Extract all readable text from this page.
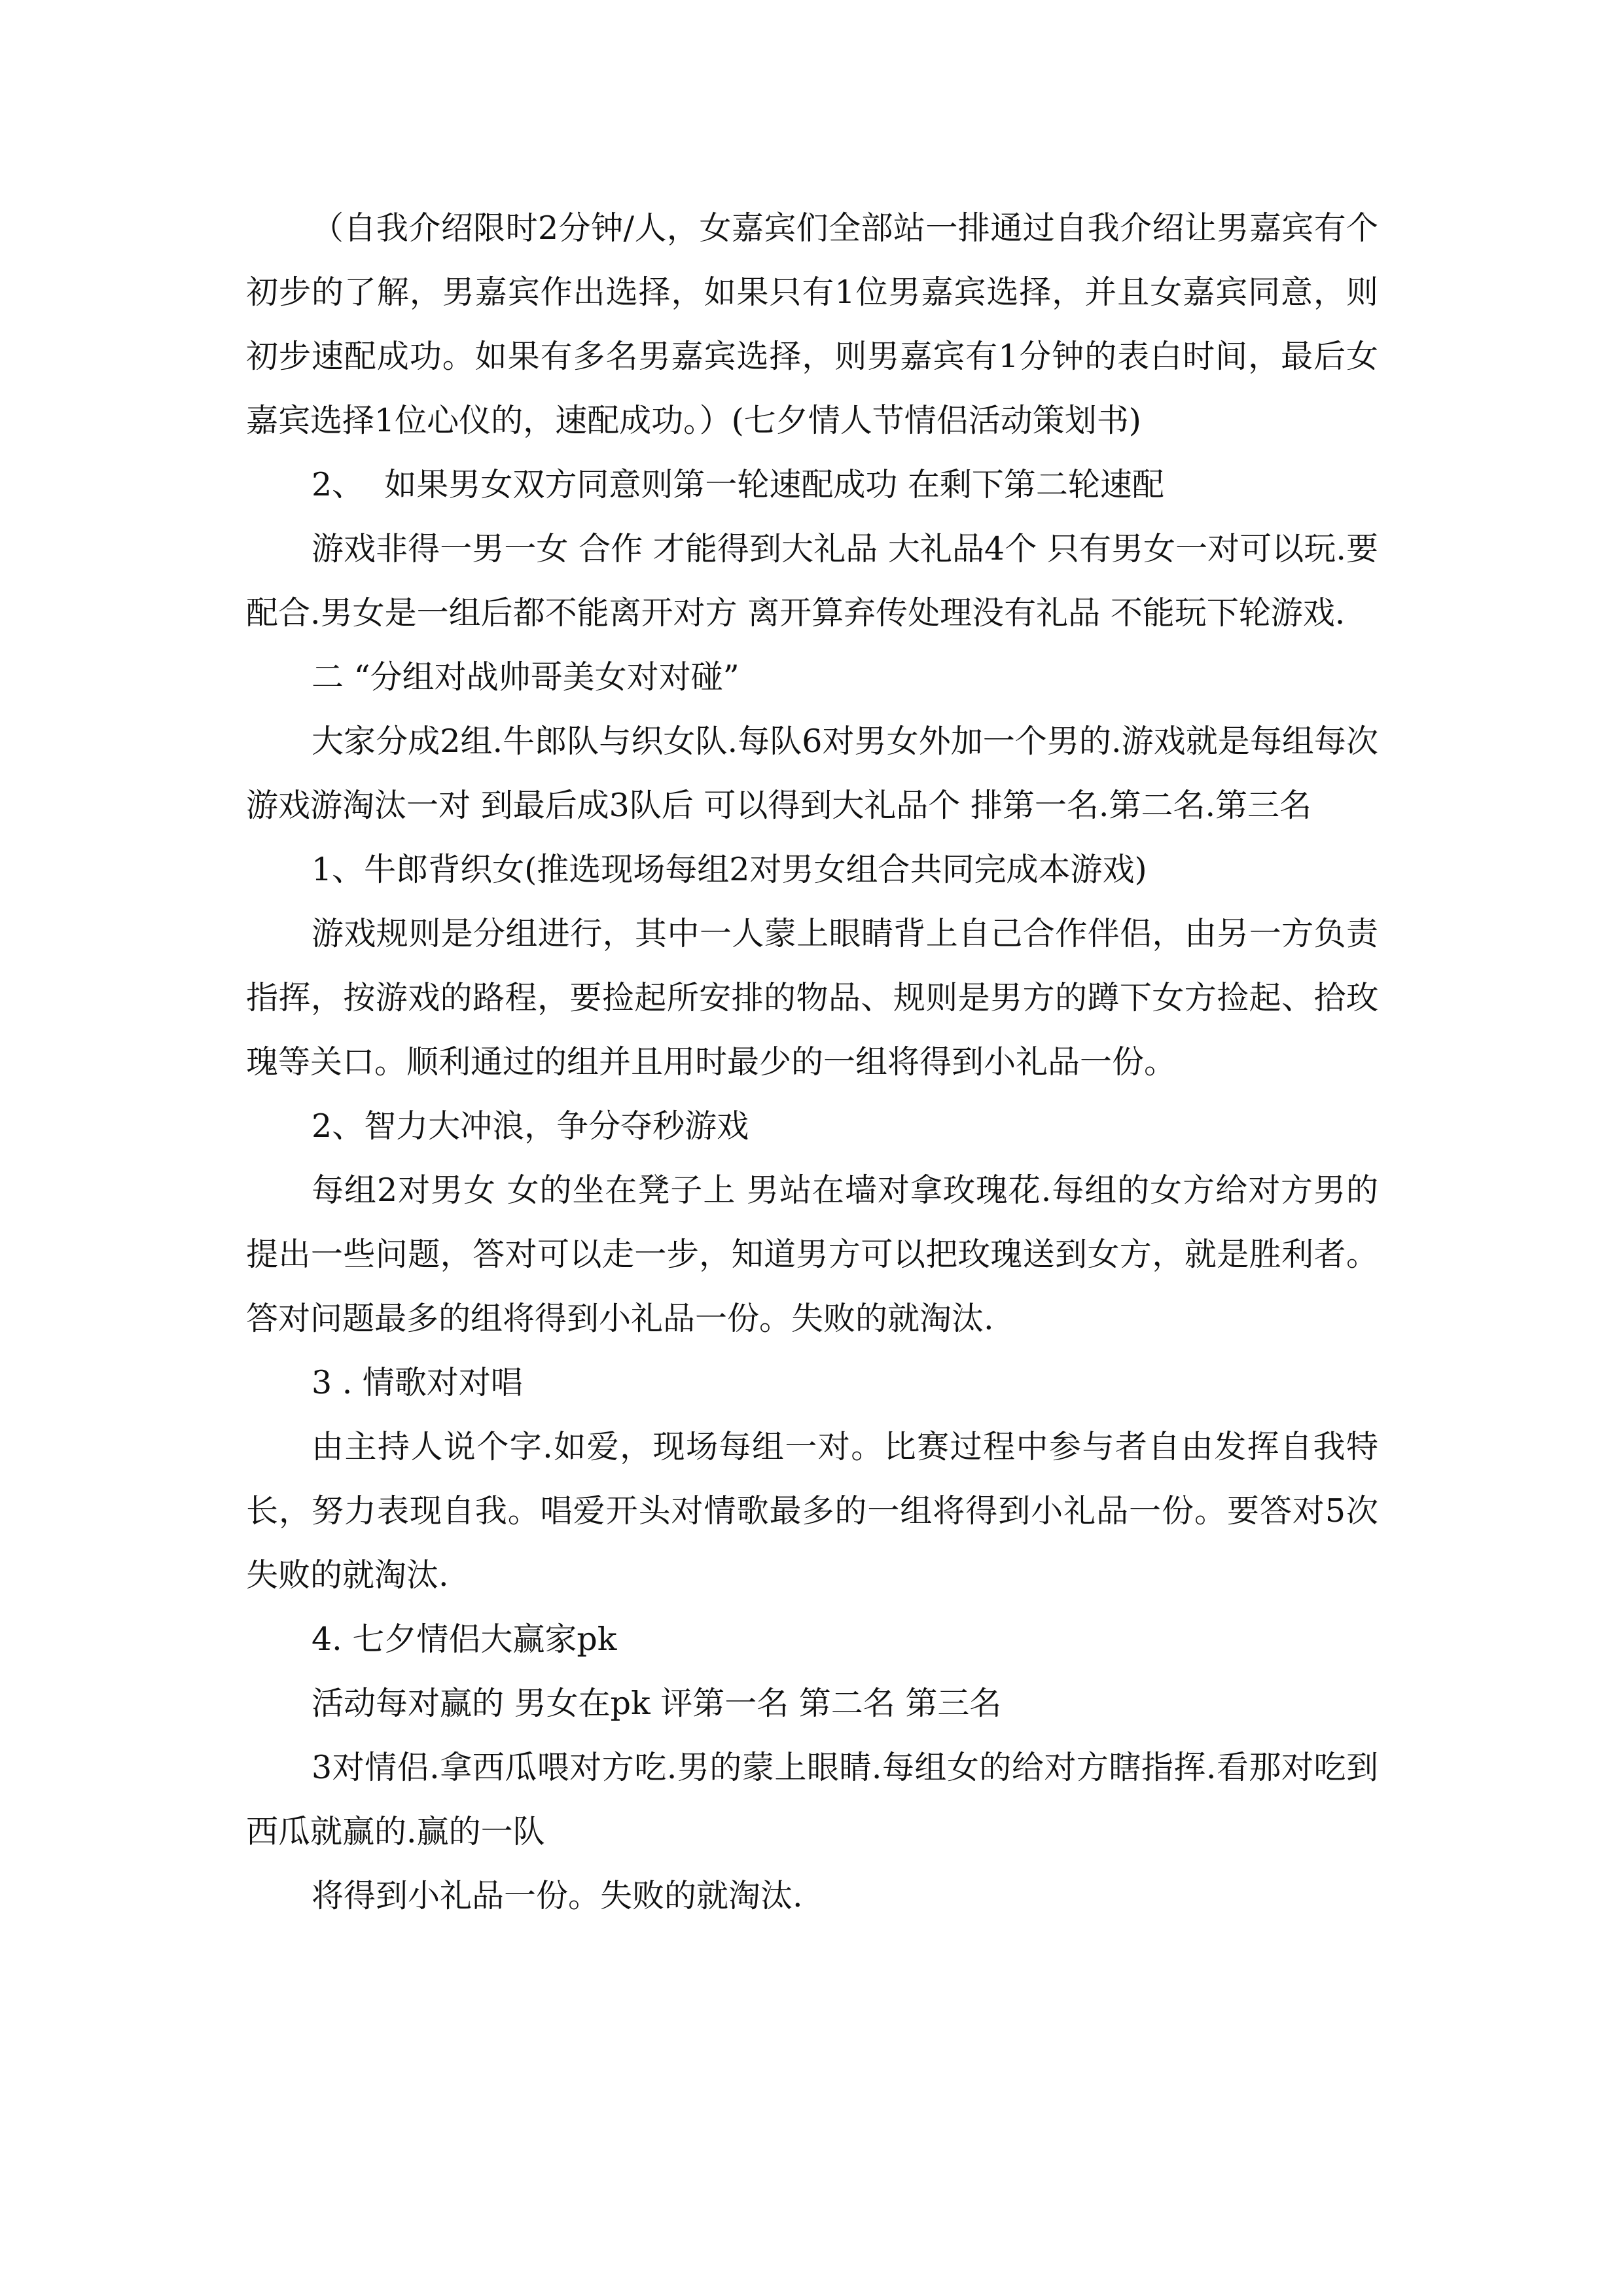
（自我介绍限时2分钟/人，女嘉宾们全部站一排通过自我介绍让男嘉宾有个初步的了解，男嘉宾作出选择，如果只有1位男嘉宾选择，并且女嘉宾同意，则初步速配成功。如果有多名男嘉宾选择，则男嘉宾有1分钟的表白时间，最后女嘉宾选择1位心仪的，速配成功。）(七夕情人节情侣活动策划书)

2、  如果男女双方同意则第一轮速配成功 在剩下第二轮速配

游戏非得一男一女 合作 才能得到大礼品 大礼品4个 只有男女一对可以玩.要配合.男女是一组后都不能离开对方 离开算弃传处理没有礼品 不能玩下轮游戏.

二 “分组对战帅哥美女对对碰”

大家分成2组.牛郎队与织女队.每队6对男女外加一个男的.游戏就是每组每次游戏游淘汰一对 到最后成3队后 可以得到大礼品个 排第一名.第二名.第三名

1、牛郎背织女(推选现场每组2对男女组合共同完成本游戏)

游戏规则是分组进行，其中一人蒙上眼睛背上自己合作伴侣，由另一方负责指挥，按游戏的路程，要捡起所安排的物品、规则是男方的蹲下女方捡起、拾玫瑰等关口。顺利通过的组并且用时最少的一组将得到小礼品一份。

2、智力大冲浪，争分夺秒游戏

每组2对男女 女的坐在凳子上 男站在墙对拿玫瑰花.每组的女方给对方男的提出一些问题，答对可以走一步，知道男方可以把玫瑰送到女方，就是胜利者。答对问题最多的组将得到小礼品一份。失败的就淘汰.

3 . 情歌对对唱

由主持人说个字.如爱，现场每组一对。比赛过程中参与者自由发挥自我特长，努力表现自我。唱爱开头对情歌最多的一组将得到小礼品一份。要答对5次失败的就淘汰.

4. 七夕情侣大赢家pk

活动每对赢的 男女在pk 评第一名 第二名 第三名

3对情侣.拿西瓜喂对方吃.男的蒙上眼睛.每组女的给对方瞎指挥.看那对吃到西瓜就赢的.赢的一队

将得到小礼品一份。失败的就淘汰.
